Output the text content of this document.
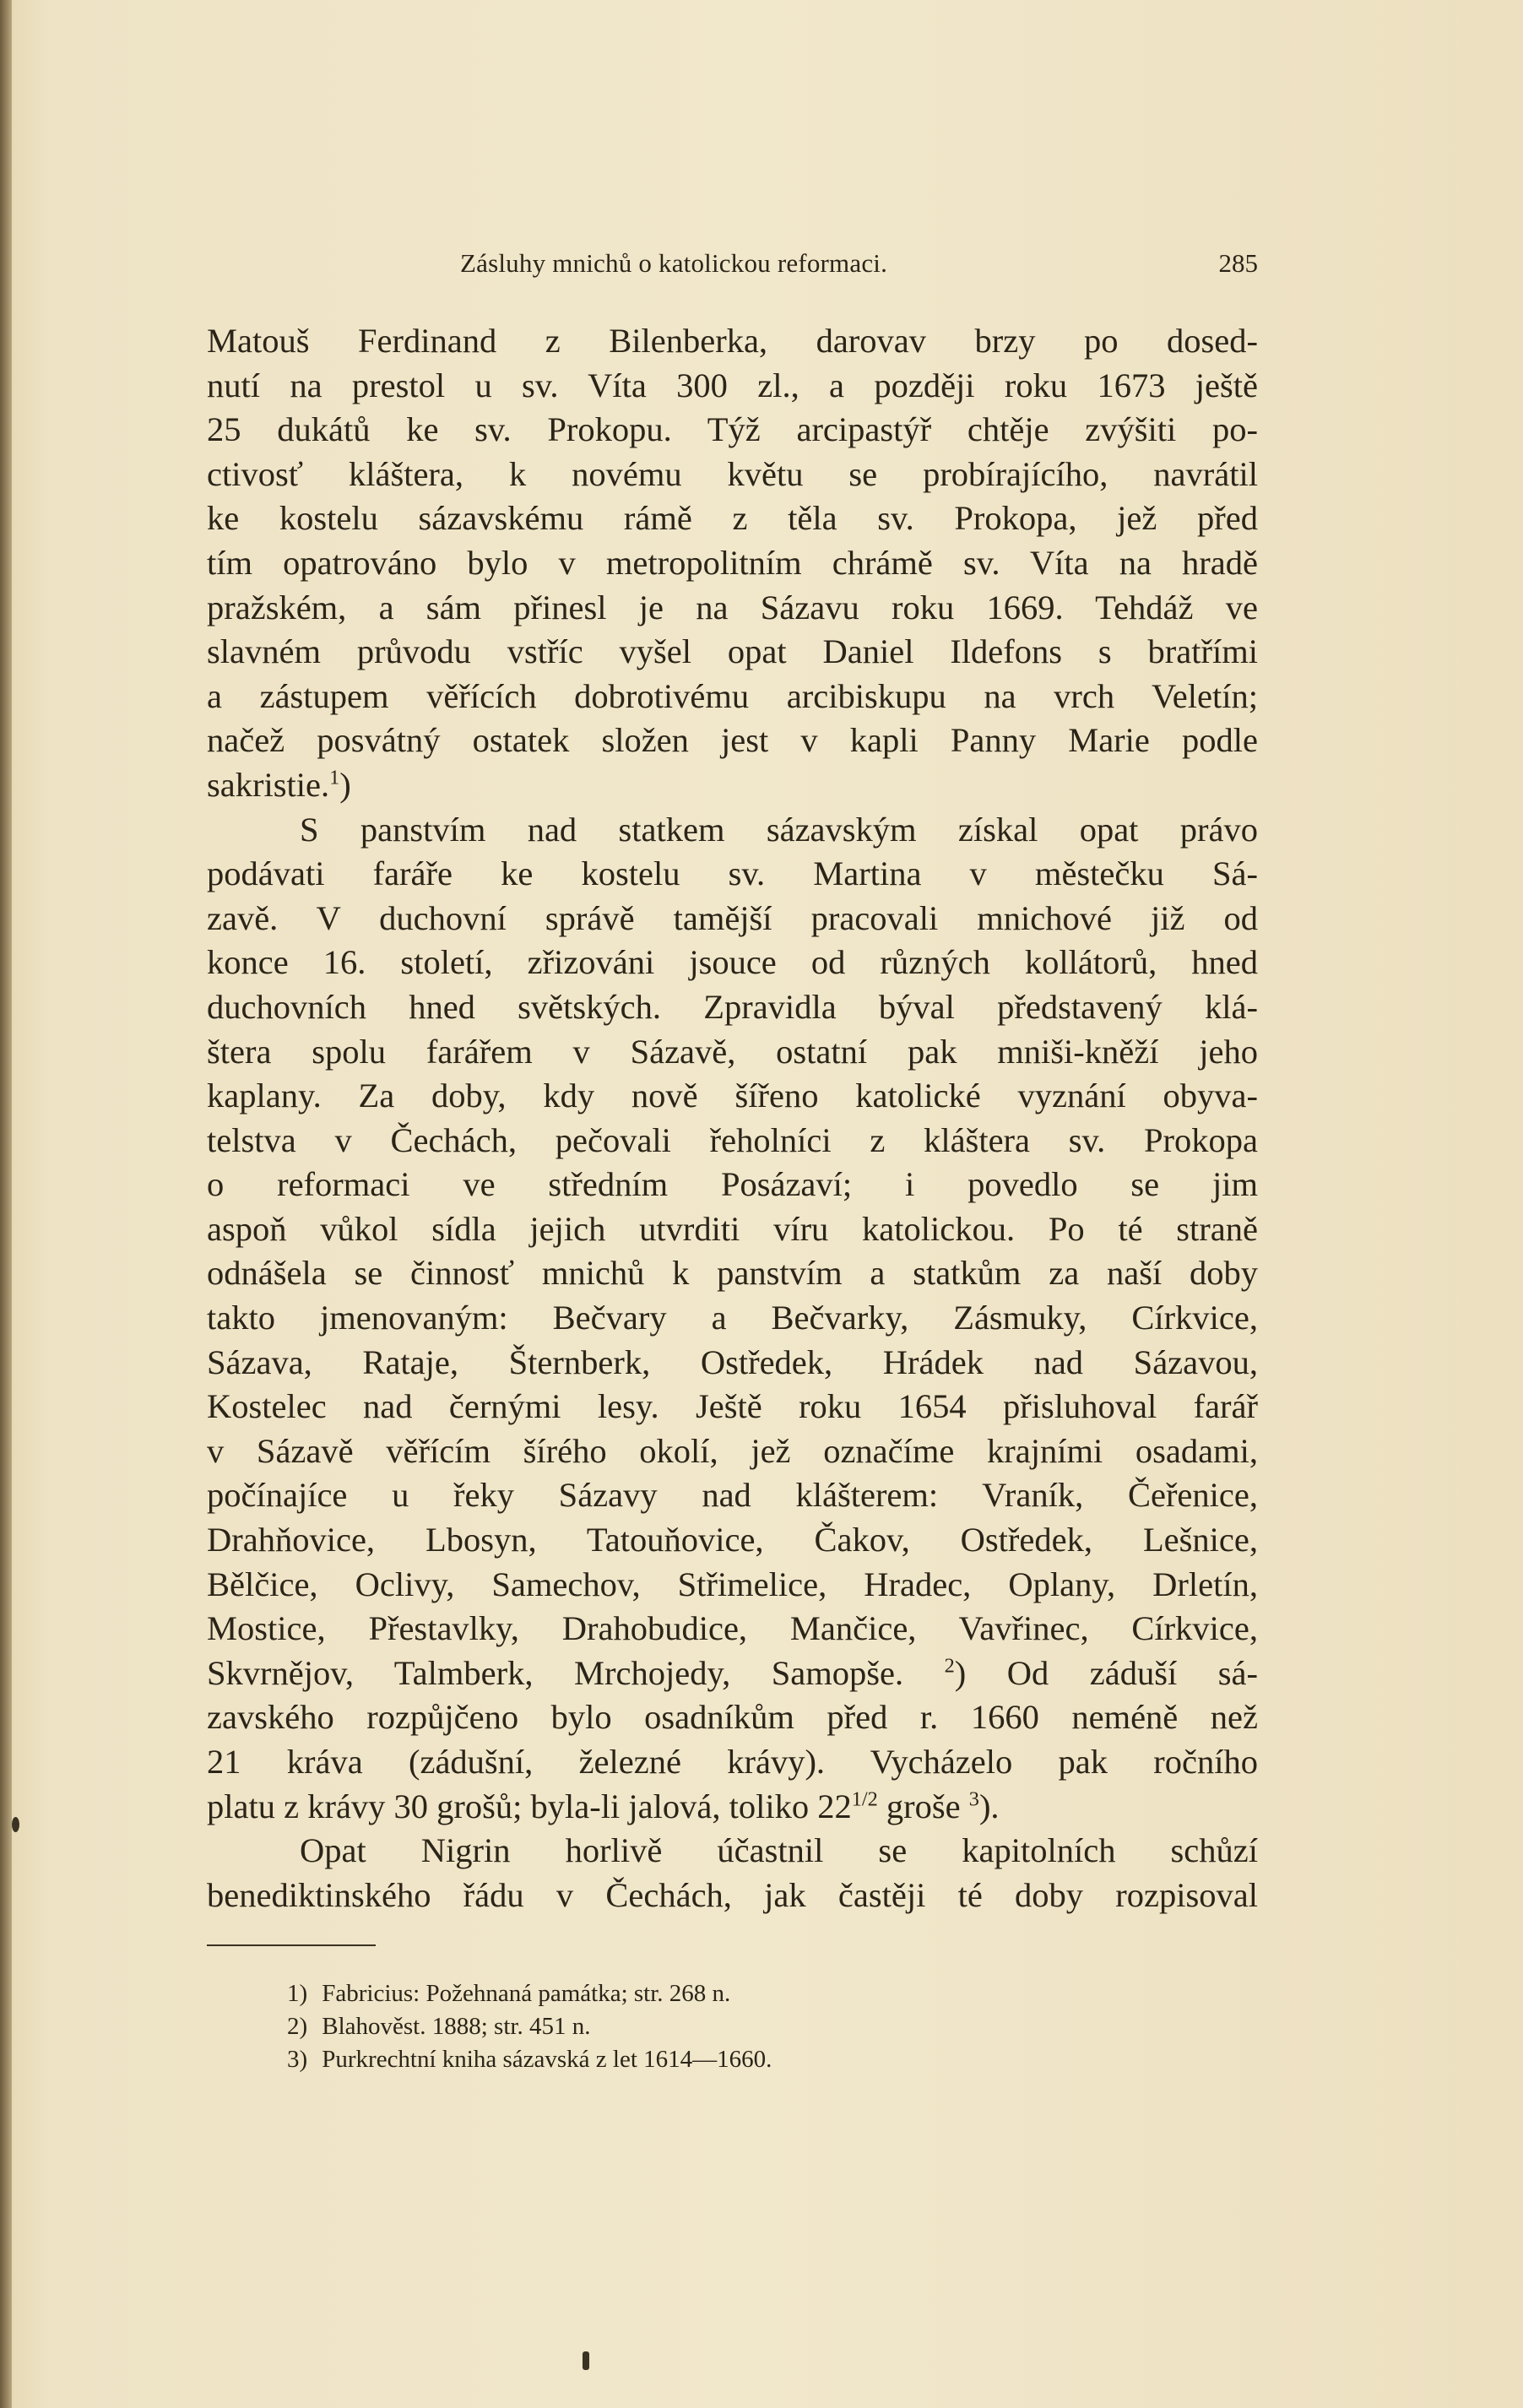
Zásluhy mnichů o katolickou reformaci.	285
Matouš Ferdinand z Bilenberka, darovav brzy po dosed-
nutí na prestol u sv. Víta 300 zl., a později roku 1673 ještě
25 dukátů ke sv. Prokopu. Týž arcipastýř chtěje zvýšiti po-
ctivosť kláštera, k novému květu se probírajícího, navrátil
ke kostelu sázavskému rámě z těla sv. Prokopa, jež před
tím opatrováno bylo v metropolitním chrámě sv. Víta na hradě
pražském, a sám přinesl je na Sázavu roku 1669. Tehdáž ve
slavném průvodu vstříc vyšel opat Daniel Ildefons s bratřími
a zástupem věřících dobrotivému arcibiskupu na vrch Veletín;
načež posvátný ostatek složen jest v kapli Panny Marie podle
sakristie.$^1$)
S panstvím nad statkem sázavským získal opat právo
podávati faráře ke kostelu sv. Martina v městečku Sá-
zavě. V duchovní správě tamější pracovali mnichové již od
konce 16. století, zřizováni jsouce od různých kollátorů, hned
duchovních hned světských. Zpravidla býval představený klá-
štera spolu farářem v Sázavě, ostatní pak mniši-kněží jeho
kaplany. Za doby, kdy nově šířeno katolické vyznání obyva-
telstva v Čechách, pečovali řeholníci z kláštera sv. Prokopa
o reformaci ve středním Posázaví; i povedlo se jim
aspoň vůkol sídla jejich utvrditi víru katolickou. Po té straně
odnášela se činnosť mnichů k panstvím a statkům za naší doby
takto jmenovaným: Bečvary a Bečvarky, Zásmuky, Církvice,
Sázava, Rataje, Šternberk, Ostředek, Hrádek nad Sázavou,
Kostelec nad černými lesy. Ještě roku 1654 přisluhoval farář
v Sázavě věřícím šírého okolí, jež označíme krajními osadami,
počínajíce u řeky Sázavy nad klášterem: Vraník, Čeřenice,
Drahňovice, Lbosyn, Tatouňovice, Čakov, Ostředek, Lešnice,
Bělčice, Oclivy, Samechov, Střimelice, Hradec, Oplany, Drletín,
Mostice, Přestavlky, Drahobudice, Mančice, Vavřinec, Církvice,
Skvrnějov, Talmberk, Mrchojedy, Samopše. $^2$) Od záduší sá-
zavského rozpůjčeno bylo osadníkům před r. 1660 neméně než
21 kráva (zádušní, železné krávy). Vycházelo pak ročního
platu z krávy 30 grošů; byla-li jalová, toliko $22^{1/2}$ groše $^3$).
Opat Nigrin horlivě účastnil se kapitolních schůzí
benediktinského řádu v Čechách, jak častěji té doby rozpisoval
1) Fabricius: Požehnaná památka; str. 268 n.
2) Blahověst. 1888; str. 451 n.
3) Purkrechtní kniha sázavská z let 1614—1660.
